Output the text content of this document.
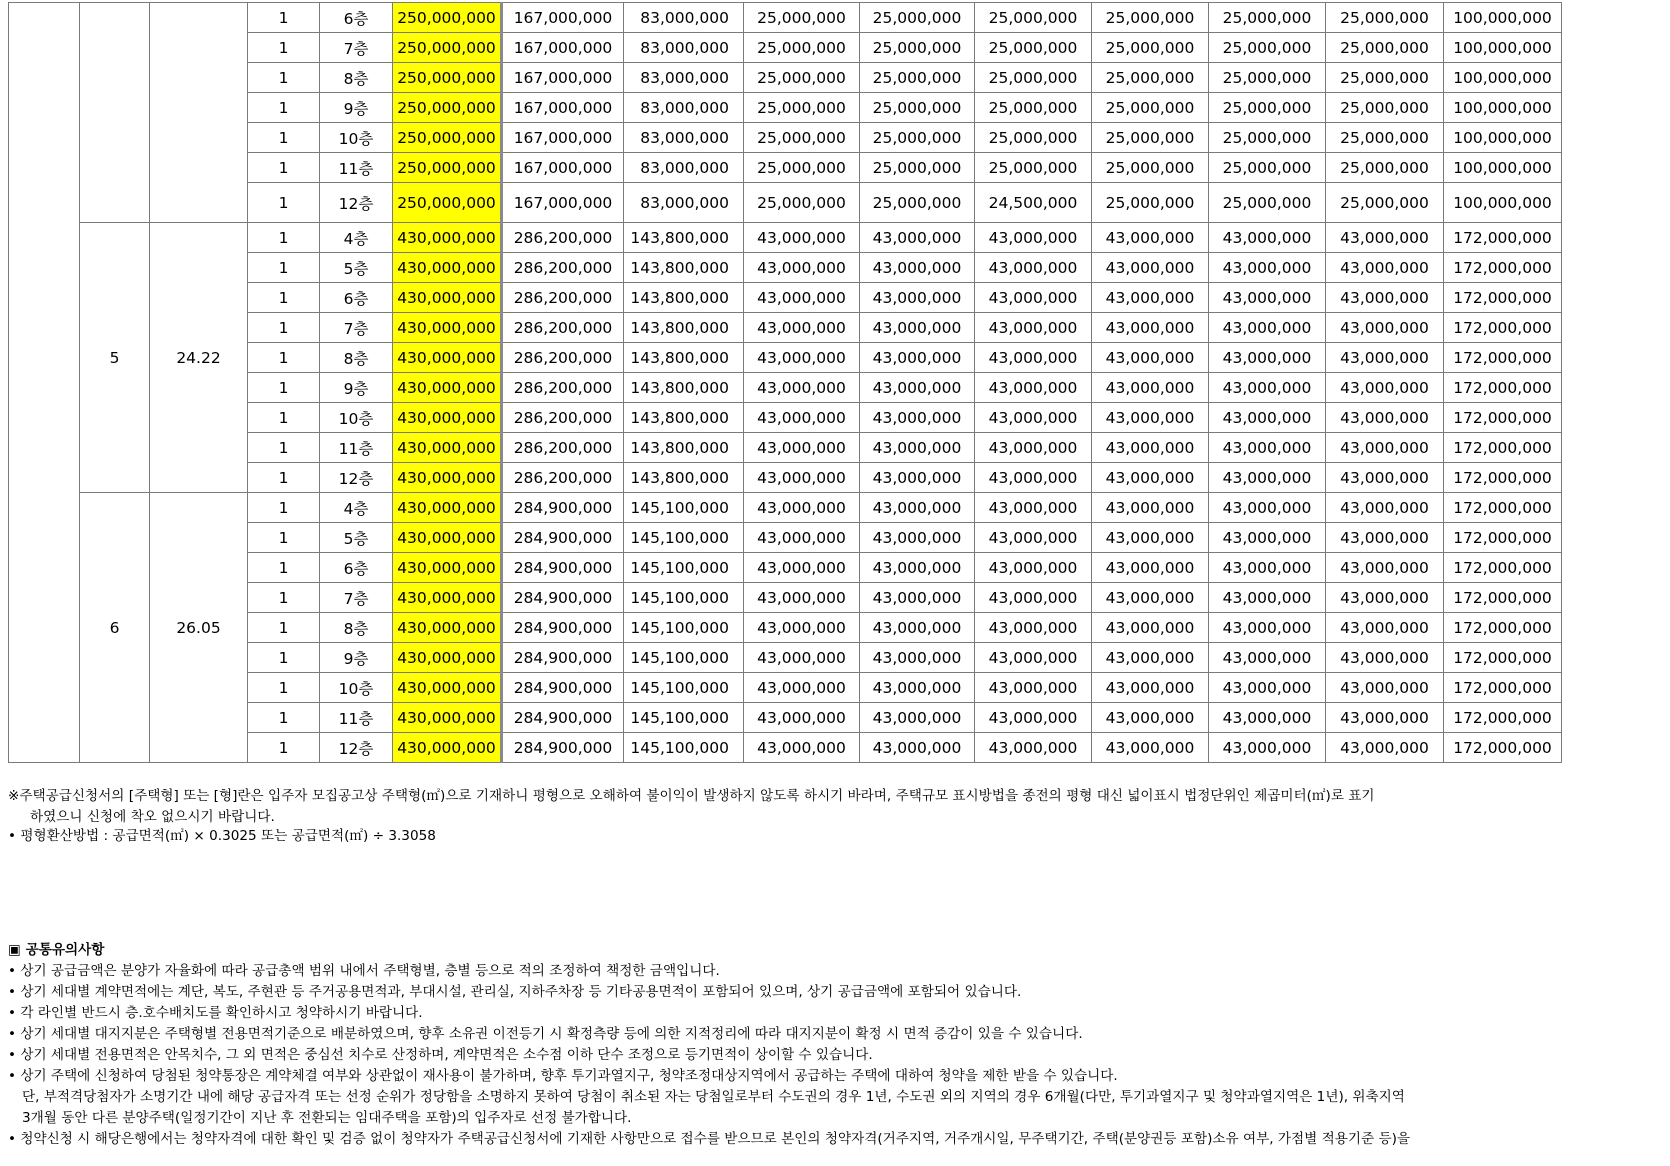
			1	6층	250,000,000	167,000,000	83,000,000	25,000,000	25,000,000	25,000,000	25,000,000	25,000,000	25,000,000	100,000,000
			1	7층	250,000,000	167,000,000	83,000,000	25,000,000	25,000,000	25,000,000	25,000,000	25,000,000	25,000,000	100,000,000
			1	8층	250,000,000	167,000,000	83,000,000	25,000,000	25,000,000	25,000,000	25,000,000	25,000,000	25,000,000	100,000,000
			1	9층	250,000,000	167,000,000	83,000,000	25,000,000	25,000,000	25,000,000	25,000,000	25,000,000	25,000,000	100,000,000
			1	10층	250,000,000	167,000,000	83,000,000	25,000,000	25,000,000	25,000,000	25,000,000	25,000,000	25,000,000	100,000,000
			1	11층	250,000,000	167,000,000	83,000,000	25,000,000	25,000,000	25,000,000	25,000,000	25,000,000	25,000,000	100,000,000
			1	12층	250,000,000	167,000,000	83,000,000	25,000,000	25,000,000	24,500,000	25,000,000	25,000,000	25,000,000	100,000,000
	5	24.22	1	4층	430,000,000	286,200,000	143,800,000	43,000,000	43,000,000	43,000,000	43,000,000	43,000,000	43,000,000	172,000,000
			1	5층	430,000,000	286,200,000	143,800,000	43,000,000	43,000,000	43,000,000	43,000,000	43,000,000	43,000,000	172,000,000
			1	6층	430,000,000	286,200,000	143,800,000	43,000,000	43,000,000	43,000,000	43,000,000	43,000,000	43,000,000	172,000,000
			1	7층	430,000,000	286,200,000	143,800,000	43,000,000	43,000,000	43,000,000	43,000,000	43,000,000	43,000,000	172,000,000
			1	8층	430,000,000	286,200,000	143,800,000	43,000,000	43,000,000	43,000,000	43,000,000	43,000,000	43,000,000	172,000,000
			1	9층	430,000,000	286,200,000	143,800,000	43,000,000	43,000,000	43,000,000	43,000,000	43,000,000	43,000,000	172,000,000
			1	10층	430,000,000	286,200,000	143,800,000	43,000,000	43,000,000	43,000,000	43,000,000	43,000,000	43,000,000	172,000,000
			1	11층	430,000,000	286,200,000	143,800,000	43,000,000	43,000,000	43,000,000	43,000,000	43,000,000	43,000,000	172,000,000
			1	12층	430,000,000	286,200,000	143,800,000	43,000,000	43,000,000	43,000,000	43,000,000	43,000,000	43,000,000	172,000,000
	6	26.05	1	4층	430,000,000	284,900,000	145,100,000	43,000,000	43,000,000	43,000,000	43,000,000	43,000,000	43,000,000	172,000,000
			1	5층	430,000,000	284,900,000	145,100,000	43,000,000	43,000,000	43,000,000	43,000,000	43,000,000	43,000,000	172,000,000
			1	6층	430,000,000	284,900,000	145,100,000	43,000,000	43,000,000	43,000,000	43,000,000	43,000,000	43,000,000	172,000,000
			1	7층	430,000,000	284,900,000	145,100,000	43,000,000	43,000,000	43,000,000	43,000,000	43,000,000	43,000,000	172,000,000
			1	8층	430,000,000	284,900,000	145,100,000	43,000,000	43,000,000	43,000,000	43,000,000	43,000,000	43,000,000	172,000,000
			1	9층	430,000,000	284,900,000	145,100,000	43,000,000	43,000,000	43,000,000	43,000,000	43,000,000	43,000,000	172,000,000
			1	10층	430,000,000	284,900,000	145,100,000	43,000,000	43,000,000	43,000,000	43,000,000	43,000,000	43,000,000	172,000,000
			1	11층	430,000,000	284,900,000	145,100,000	43,000,000	43,000,000	43,000,000	43,000,000	43,000,000	43,000,000	172,000,000
			1	12층	430,000,000	284,900,000	145,100,000	43,000,000	43,000,000	43,000,000	43,000,000	43,000,000	43,000,000	172,000,000
※주택공급신청서의 [주택형] 또는 [형]란은 입주자 모집공고상 주택형(㎡)으로 기재하니 평형으로 오해하여 불이익이 발생하지 않도록 하시기 바라며, 주택규모 표시방법을 종전의 평형 대신 넓이표시 법정단위인 제곱미터(㎡)로 표기
하였으니 신청에 착오 없으시기 바랍니다.
• 평형환산방법 : 공급면적(㎡) × 0.3025 또는 공급면적(㎡) ÷ 3.3058
▣ 공통유의사항
• 상기 공급금액은 분양가 자율화에 따라 공급총액 범위 내에서 주택형별, 층별 등으로 적의 조정하여 책정한 금액입니다.
• 상기 세대별 계약면적에는 계단, 복도, 주현관 등 주거공용면적과, 부대시설, 관리실, 지하주차장 등 기타공용면적이 포함되어 있으며, 상기 공급금액에 포함되어 있습니다.
• 각 라인별 반드시 층.호수배치도를 확인하시고 청약하시기 바랍니다.
• 상기 세대별 대지지분은 주택형별 전용면적기준으로 배분하였으며, 향후 소유권 이전등기 시 확정측량 등에 의한 지적정리에 따라 대지지분이 확정 시 면적 증감이 있을 수 있습니다.
• 상기 세대별 전용면적은 안목치수, 그 외 면적은 중심선 치수로 산정하며, 계약면적은 소수점 이하 단수 조정으로 등기면적이 상이할 수 있습니다.
• 상기 주택에 신청하여 당첨된 청약통장은 계약체결 여부와 상관없이 재사용이 불가하며, 향후 투기과열지구, 청약조정대상지역에서 공급하는 주택에 대하여 청약을 제한 받을 수 있습니다.
단, 부적격당첨자가 소명기간 내에 해당 공급자격 또는 선정 순위가 정당함을 소명하지 못하여 당첨이 취소된 자는 당첨일로부터 수도권의 경우 1년, 수도권 외의 지역의 경우 6개월(다만, 투기과열지구 및 청약과열지역은 1년), 위축지역
3개월 동안 다른 분양주택(일정기간이 지난 후 전환되는 임대주택을 포함)의 입주자로 선정 불가합니다.
• 청약신청 시 해당은행에서는 청약자격에 대한 확인 및 검증 없이 청약자가 주택공급신청서에 기재한 사항만으로 접수를 받으므로 본인의 청약자격(거주지역, 거주개시일, 무주택기간, 주택(분양권등 포함)소유 여부, 가점별 적용기준 등)을
